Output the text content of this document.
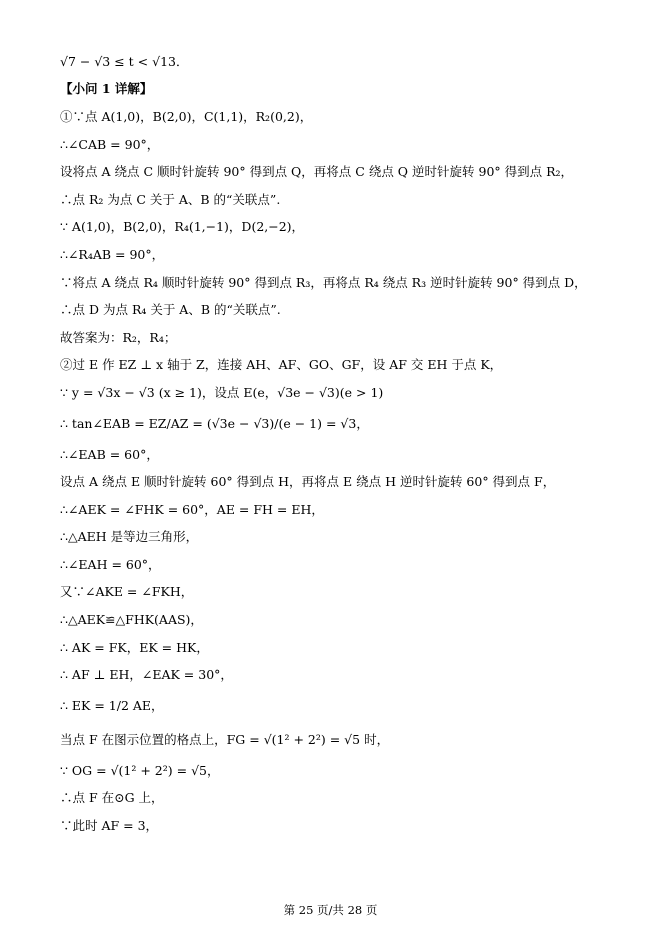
√7 − √3 ≤ t < √13．
【小问 1 详解】
①∵点 A(1,0)，B(2,0)，C(1,1)，R₂(0,2)，
∴∠CAB = 90°，
设将点 A 绕点 C 顺时针旋转 90° 得到点 Q，再将点 C 绕点 Q 逆时针旋转 90° 得到点 R₂，
∴点 R₂ 为点 C 关于 A、B 的“关联点”.
∵ A(1,0)，B(2,0)，R₄(1,−1)，D(2,−2)，
∴∠R₄AB = 90°，
∵将点 A 绕点 R₄ 顺时针旋转 90° 得到点 R₃，再将点 R₄ 绕点 R₃ 逆时针旋转 90° 得到点 D，
∴点 D 为点 R₄ 关于 A、B 的“关联点”.
故答案为：R₂，R₄；
②过 E 作 EZ ⊥ x 轴于 Z，连接 AH、AF、GO、GF，设 AF 交 EH 于点 K，
∵ y = √3x − √3 (x ≥ 1)，设点 E(e，√3e − √3)(e > 1)
∴ tan∠EAB = EZ/AZ = (√3e − √3)/(e − 1) = √3，
∴∠EAB = 60°，
设点 A 绕点 E 顺时针旋转 60° 得到点 H，再将点 E 绕点 H 逆时针旋转 60° 得到点 F，
∴∠AEK = ∠FHK = 60°，AE = FH = EH，
∴△AEH 是等边三角形，
∴∠EAH = 60°，
又∵∠AKE = ∠FKH，
∴△AEK≌△FHK(AAS)，
∴ AK = FK，EK = HK，
∴ AF ⊥ EH，∠EAK = 30°，
∴ EK = 1/2 AE，
当点 F 在图示位置的格点上，FG = √(1² + 2²) = √5 时，
∵ OG = √(1² + 2²) = √5，
∴点 F 在⊙G 上，
∵此时 AF = 3，
第 25 页/共 28 页
